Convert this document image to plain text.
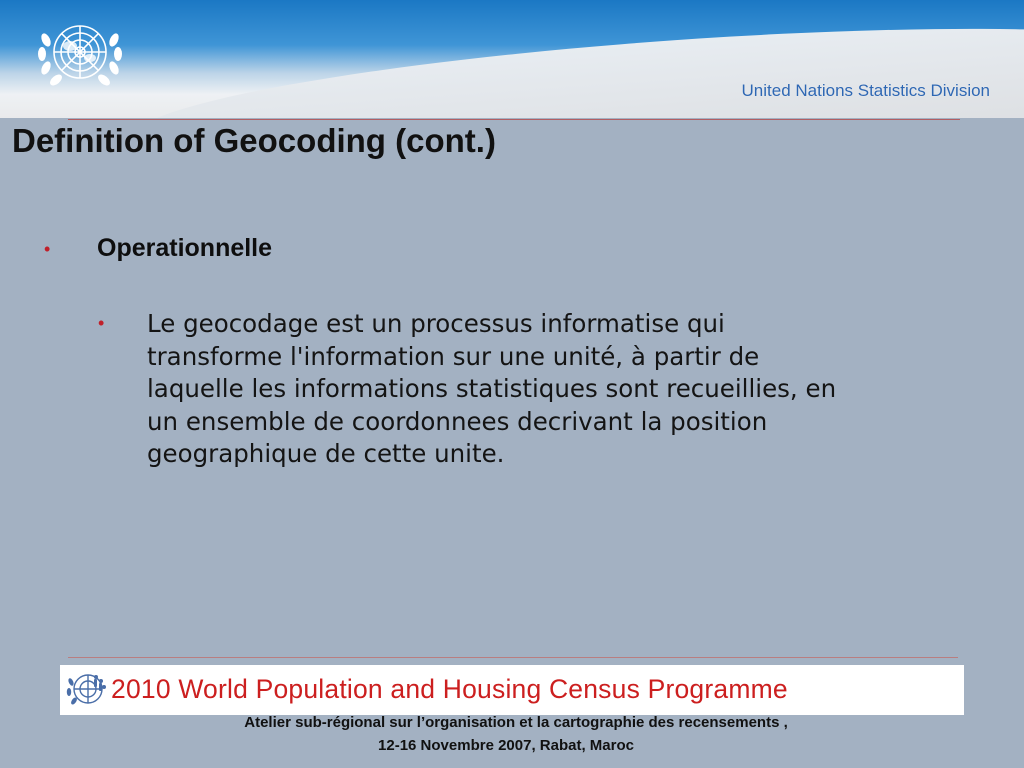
United Nations Statistics Division
Definition of Geocoding (cont.)
• Operationnelle
• Le geocodage est un processus informatise qui transforme l'information sur une unité, à partir de laquelle les informations statistiques sont recueillies, en un ensemble de coordonnees decrivant la position geographique de cette unite.

2010 World Population and Housing Census Programme
Atelier sub-régional sur l’organisation et la cartographie des recensements ,
12-16 Novembre 2007, Rabat, Maroc
